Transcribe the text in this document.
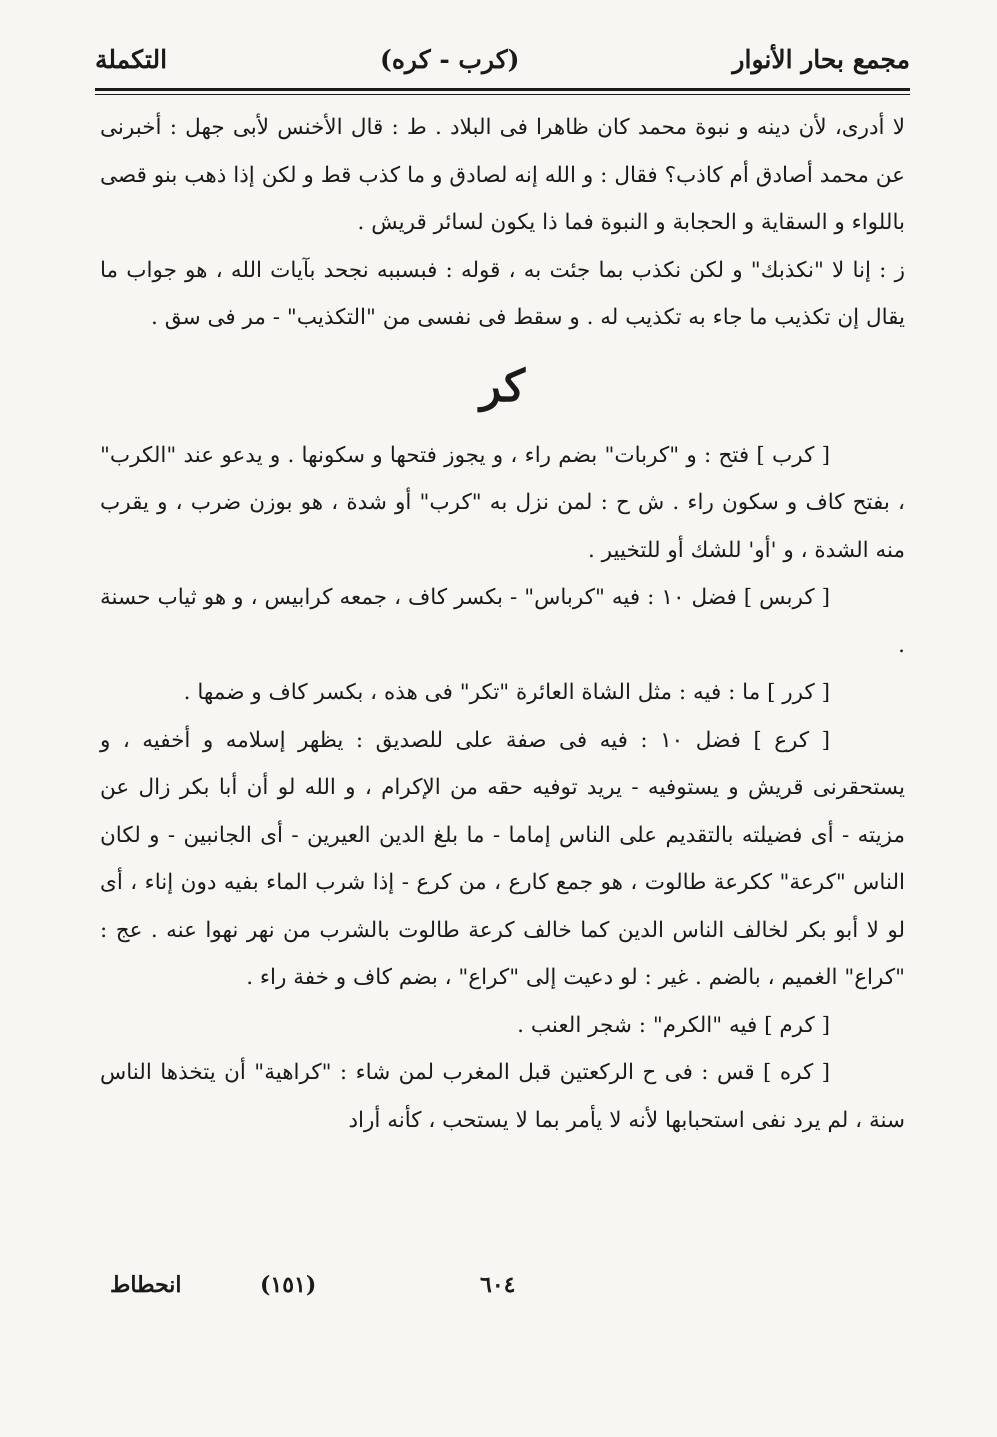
مجمع بحار الأنوار
(كرب - كره)
التكملة

لا أدرى، لأن دينه و نبوة محمد كان ظاهرا فى البلاد . ط : قال الأخنس لأبى جهل : أخبرنى عن محمد أصادق أم كاذب؟ فقال : و الله إنه لصادق و ما كذب قط و لكن إذا ذهب بنو قصى باللواء و السقاية و الحجابة و النبوة فما ذا يكون لسائر قريش .

ز : إنا لا "نكذبك" و لكن نكذب بما جئت به ، قوله : فبسببه نجحد بآيات الله ، هو جواب ما يقال إن تكذيب ما جاء به تكذيب له . و سقط فى نفسى من "التكذيب" - مر فى سق .

كر

[ كرب ] فتح : و "كربات" بضم راء ، و يجوز فتحها و سكونها . و يدعو عند "الكرب" ، بفتح كاف و سكون راء . ش ح : لمن نزل به "كرب" أو شدة ، هو بوزن ضرب ، و يقرب منه الشدة ، و 'أو' للشك أو للتخيير .

[ كربس ] فضل ١٠ : فيه "كرباس" - بكسر كاف ، جمعه كرابيس ، و هو ثياب حسنة .

[ كرر ] ما : فيه : مثل الشاة العائرة "تكر" فى هذه ، بكسر كاف و ضمها .

[ كرع ] فضل ١٠ : فيه فى صفة على للصديق : يظهر إسلامه و أخفيه ، و يستحقرنى قريش و يستوفيه - يريد توفيه حقه من الإكرام ، و الله لو أن أبا بكر زال عن مزيته - أى فضيلته بالتقديم على الناس إماما - ما بلغ الدين العيرين - أى الجانبين - و لكان الناس "كرعة" ككرعة طالوت ، هو جمع كارع ، من كرع - إذا شرب الماء بفيه دون إناء ، أى لو لا أبو بكر لخالف الناس الدين كما خالف كرعة طالوت بالشرب من نهر نهوا عنه . عج : "كراع" الغميم ، بالضم . غير : لو دعيت إلى "كراع" ، بضم كاف و خفة راء .

[ كرم ] فيه "الكرم" : شجر العنب .

[ كره ] قس : فى ح الركعتين قبل المغرب لمن شاء : "كراهية" أن يتخذها الناس سنة ، لم يرد نفى استحبابها لأنه لا يأمر بما لا يستحب ، كأنه أراد

انحطاط	(١٥١)	٦٠٤
